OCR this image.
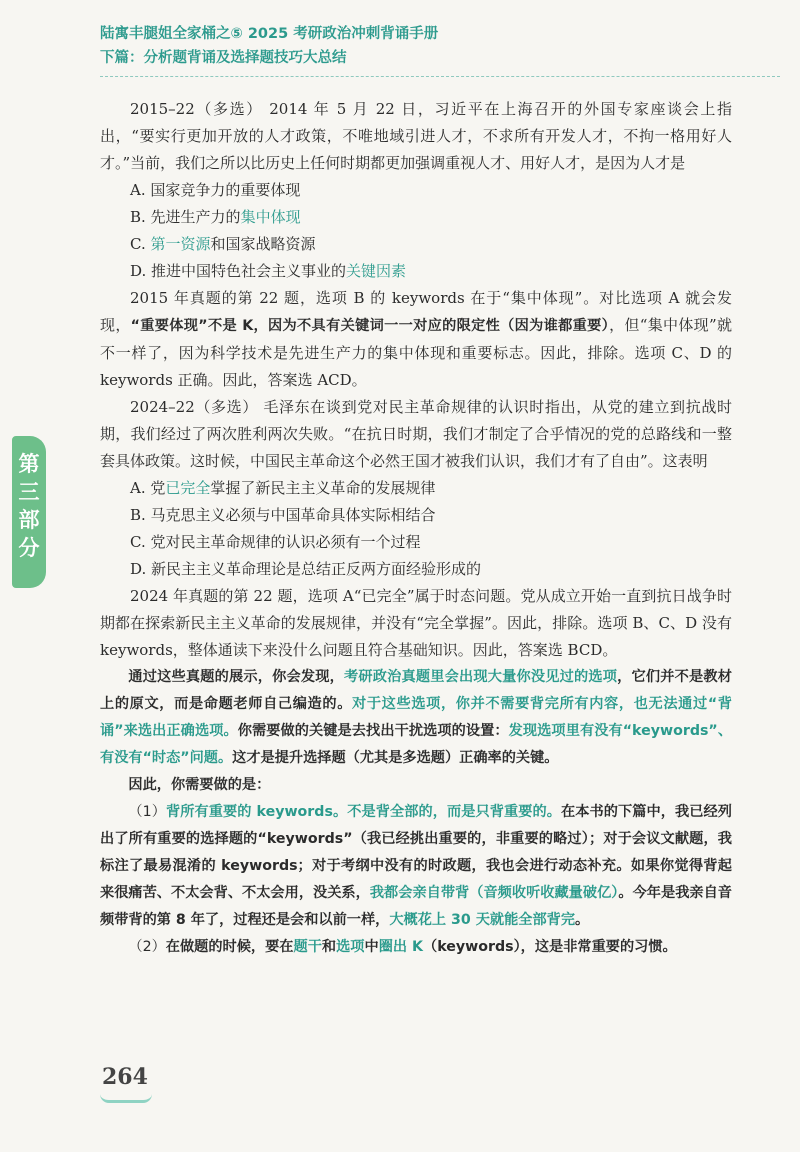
陆寓丰腿姐全家桶之⑤ 2025 考研政治冲刺背诵手册
下篇：分析题背诵及选择题技巧大总结
第
三
部
分

2015–22（多选） 2014 年 5 月 22 日，习近平在上海召开的外国专家座谈会上指出，“要实行更加开放的人才政策，不唯地域引进人才，不求所有开发人才，不拘一格用好人才。”当前，我们之所以比历史上任何时期都更加强调重视人才、用好人才，是因为人才是

A. 国家竞争力的重要体现

B. 先进生产力的集中体现

C. 第一资源和国家战略资源

D. 推进中国特色社会主义事业的关键因素

2015 年真题的第 22 题，选项 B 的 keywords 在于“集中体现”。对比选项 A 就会发现，“重要体现”不是 K，因为不具有关键词一一对应的限定性（因为谁都重要），但“集中体现”就不一样了，因为科学技术是先进生产力的集中体现和重要标志。因此，排除。选项 C、D 的 keywords 正确。因此，答案选 ACD。

2024–22（多选） 毛泽东在谈到党对民主革命规律的认识时指出，从党的建立到抗战时期，我们经过了两次胜利两次失败。“在抗日时期，我们才制定了合乎情况的党的总路线和一整套具体政策。这时候，中国民主革命这个必然王国才被我们认识，我们才有了自由”。这表明

A. 党已完全掌握了新民主主义革命的发展规律

B. 马克思主义必须与中国革命具体实际相结合

C. 党对民主革命规律的认识必须有一个过程

D. 新民主主义革命理论是总结正反两方面经验形成的

2024 年真题的第 22 题，选项 A“已完全”属于时态问题。党从成立开始一直到抗日战争时期都在探索新民主主义革命的发展规律，并没有“完全掌握”。因此，排除。选项 B、C、D 没有 keywords，整体通读下来没什么问题且符合基础知识。因此，答案选 BCD。

通过这些真题的展示，你会发现，考研政治真题里会出现大量你没见过的选项，它们并不是教材上的原文，而是命题老师自己编造的。对于这些选项，你并不需要背完所有内容，也无法通过“背诵”来选出正确选项。你需要做的关键是去找出干扰选项的设置：发现选项里有没有“keywords”、有没有“时态”问题。这才是提升选择题（尤其是多选题）正确率的关键。

因此，你需要做的是：

（1）背所有重要的 keywords。不是背全部的，而是只背重要的。在本书的下篇中，我已经列出了所有重要的选择题的“keywords”（我已经挑出重要的，非重要的略过）；对于会议文献题，我标注了最易混淆的 keywords；对于考纲中没有的时政题，我也会进行动态补充。如果你觉得背起来很痛苦、不太会背、不太会用，没关系，我都会亲自带背（音频收听收藏量破亿）。今年是我亲自音频带背的第 8 年了，过程还是会和以前一样，大概花上 30 天就能全部背完。

（2）在做题的时候，要在题干和选项中圈出 K（keywords），这是非常重要的习惯。

264
